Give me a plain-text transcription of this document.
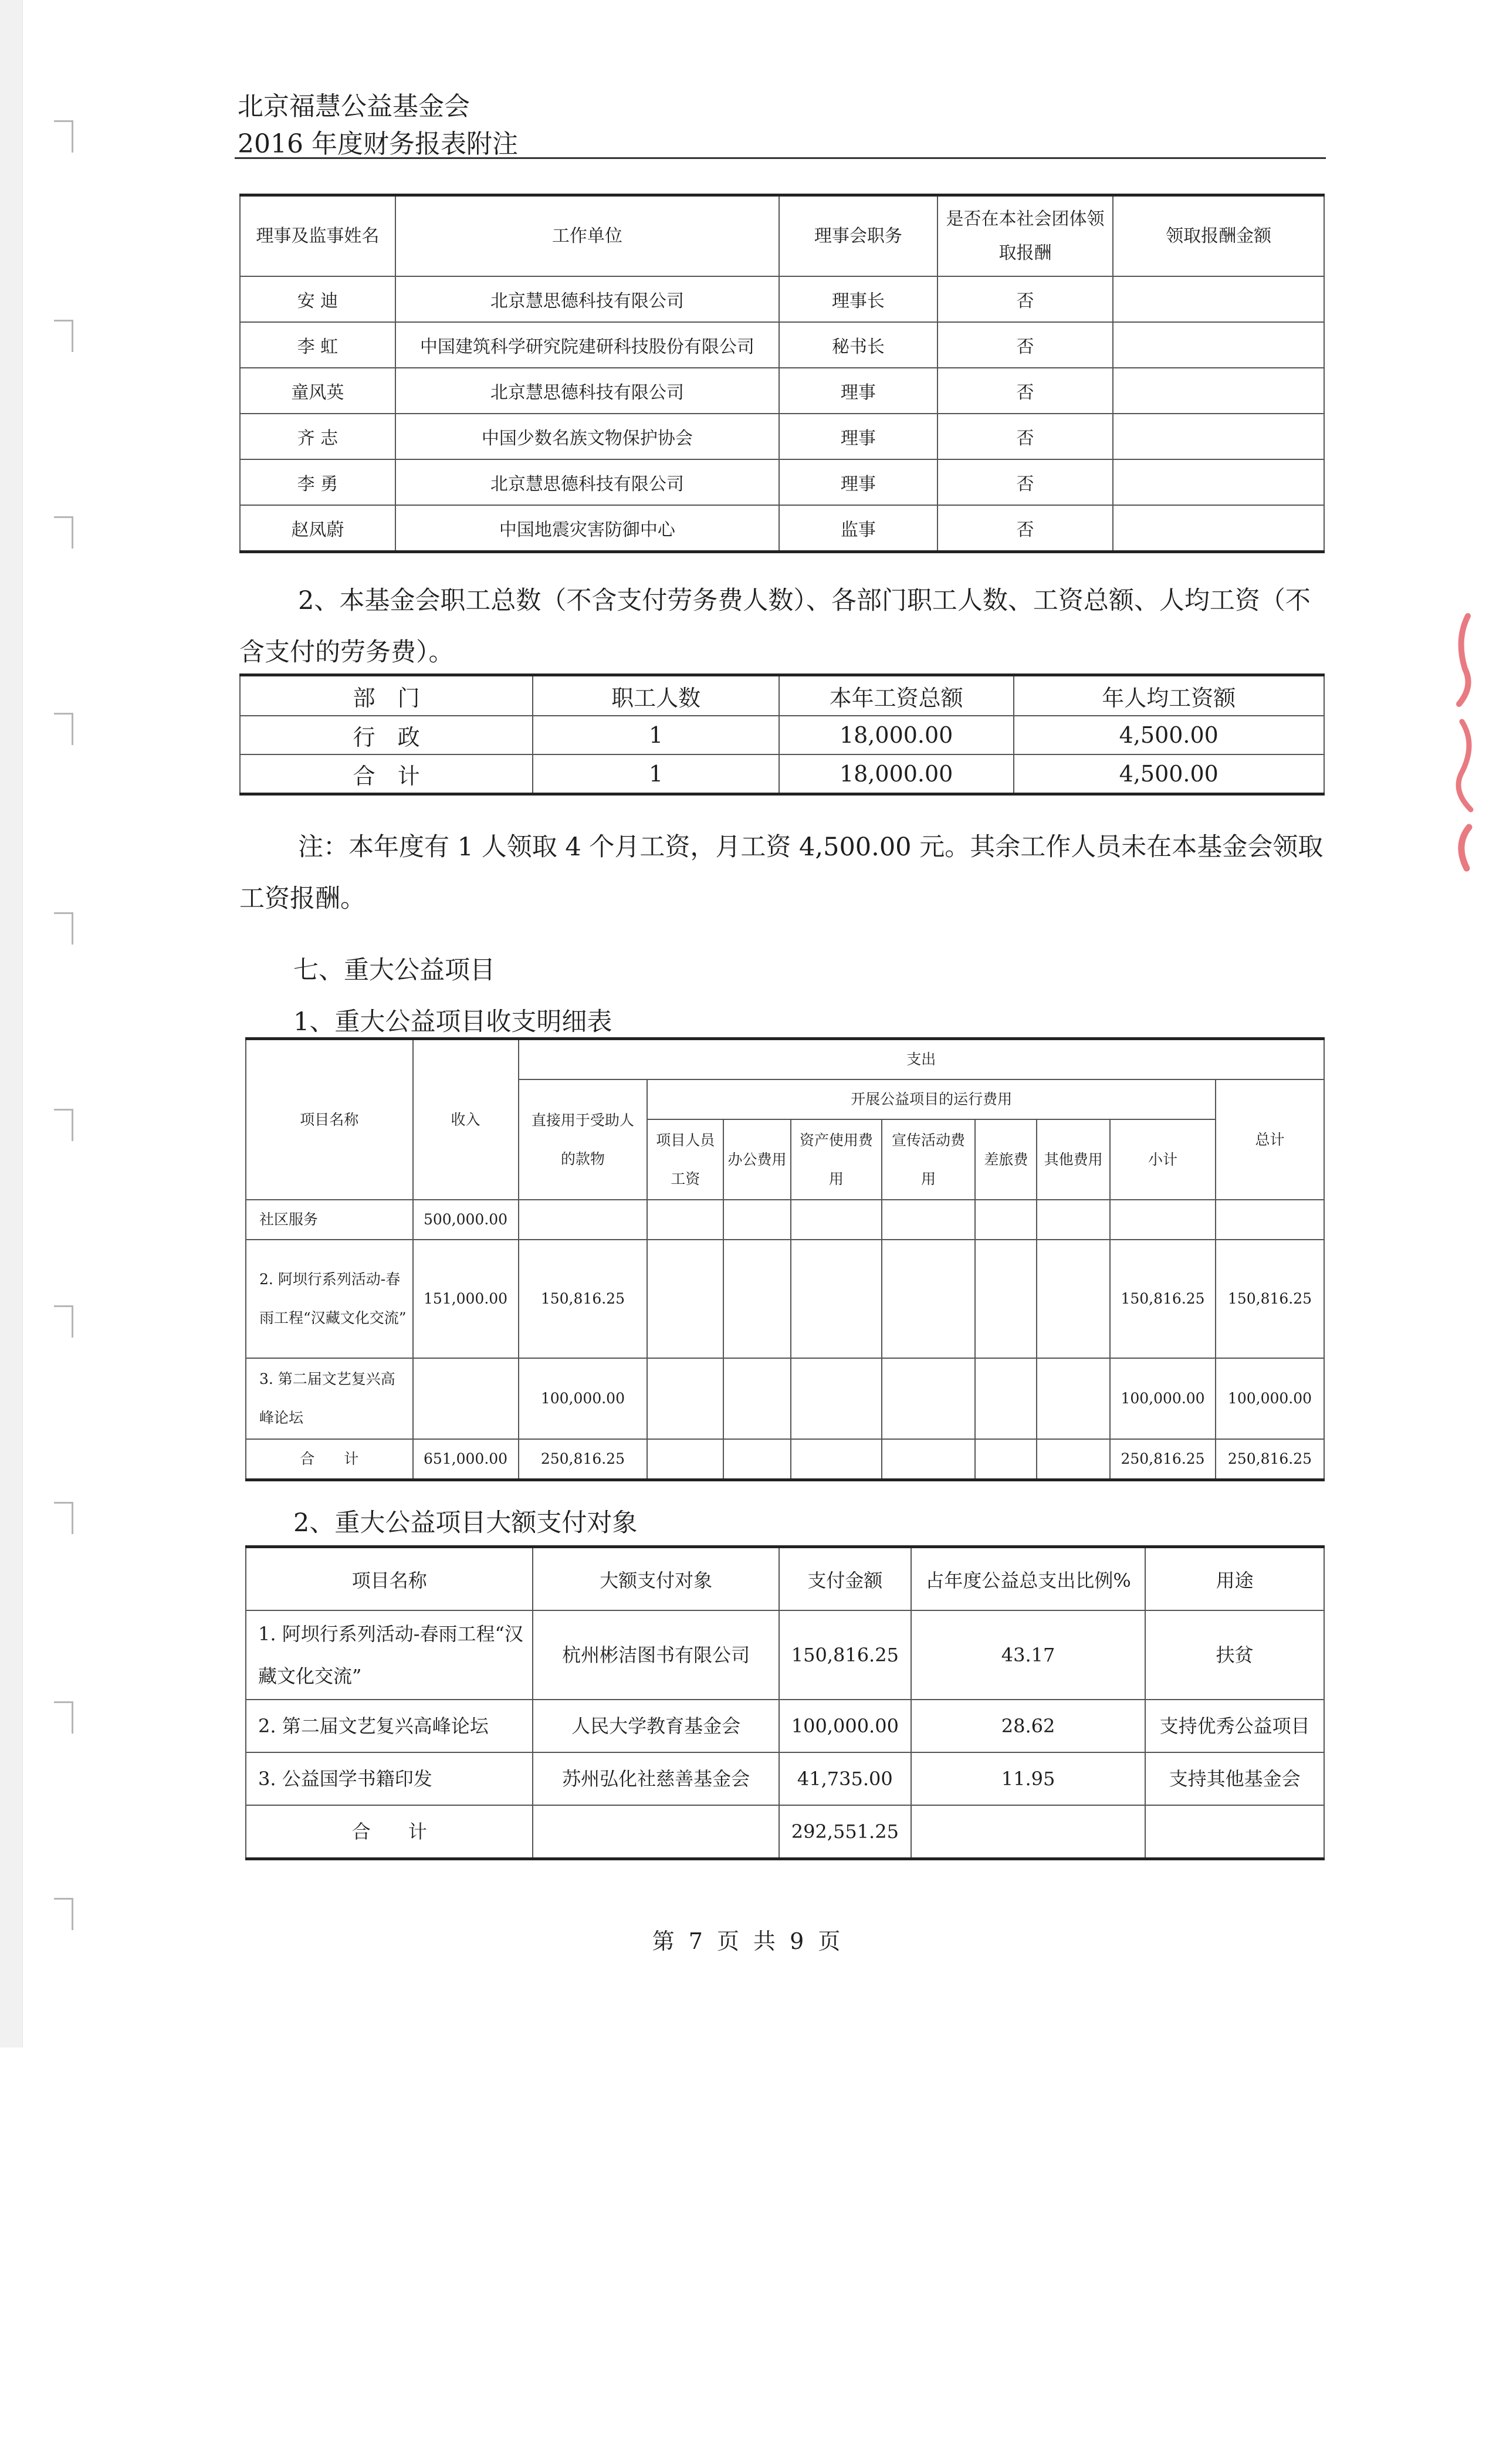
北京福慧公益基金会
2016 年度财务报表附注
理事及监事姓名	工作单位	理事会职务	是否在本社会团体领取报酬	领取报酬金额
安 迪	北京慧思德科技有限公司	理事长	否	
李 虹	中国建筑科学研究院建研科技股份有限公司	秘书长	否	
童风英	北京慧思德科技有限公司	理事	否	
齐 志	中国少数名族文物保护协会	理事	否	
李 勇	北京慧思德科技有限公司	理事	否	
赵凤蔚	中国地震灾害防御中心	监事	否	
2、本基金会职工总数（不含支付劳务费人数）、各部门职工人数、工资总额、人均工资（不含支付的劳务费）。
部　门	职工人数	本年工资总额	年人均工资额
行　政	1	18,000.00	4,500.00
合　计	1	18,000.00	4,500.00
注：本年度有 1 人领取 4 个月工资，月工资 4,500.00 元。其余工作人员未在本基金会领取工资报酬。
七、重大公益项目
1、重大公益项目收支明细表
项目名称	收入	支出								
		直接用于受助人的款物	开展公益项目的运行费用							总计
			项目人员工资	办公费用	资产使用费用	宣传活动费用	差旅费	其他费用	小计	
社区服务	500,000.00									
2. 阿坝行系列活动-春雨工程“汉藏文化交流”	151,000.00	150,816.25							150,816.25	150,816.25
3. 第二届文艺复兴高峰论坛		100,000.00							100,000.00	100,000.00
合　　计	651,000.00	250,816.25							250,816.25	250,816.25
2、重大公益项目大额支付对象
项目名称	大额支付对象	支付金额	占年度公益总支出比例%	用途
1. 阿坝行系列活动-春雨工程“汉藏文化交流”	杭州彬洁图书有限公司	150,816.25	43.17	扶贫
2. 第二届文艺复兴高峰论坛	人民大学教育基金会	100,000.00	28.62	支持优秀公益项目
3. 公益国学书籍印发	苏州弘化社慈善基金会	41,735.00	11.95	支持其他基金会
合　　计		292,551.25		
第 7 页 共 9 页
